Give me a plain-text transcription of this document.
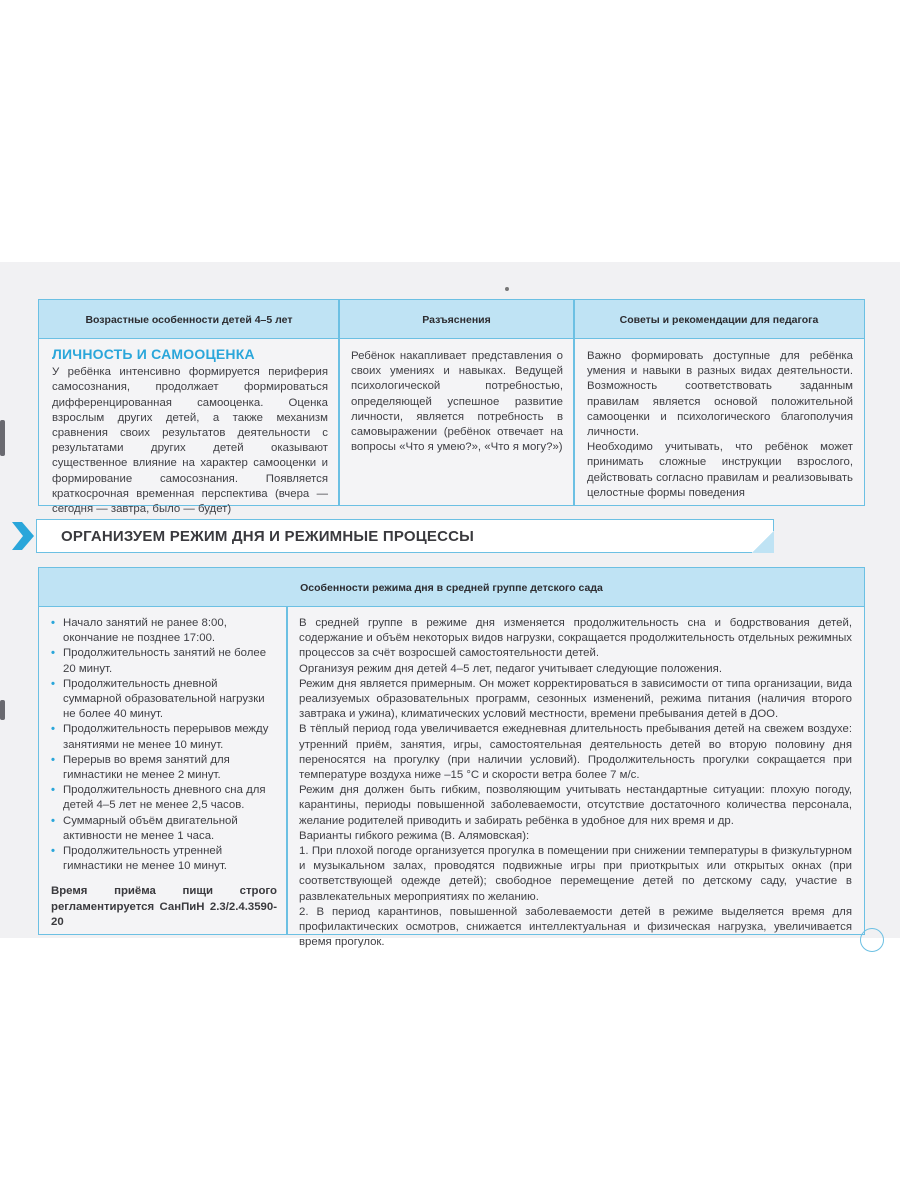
Возрастные особенности детей 4–5 лет	Разъяснения	Советы и рекомендации для педагога
ЛИЧНОСТЬ И САМООЦЕНКА
У ребёнка интенсивно формируется периферия самосознания, продолжает формироваться дифференцированная самооценка. Оценка взрослым других детей, а также механизм сравнения своих результатов деятельности с результатами других детей оказывают существенное влияние на характер самооценки и формирование самосознания. Появляется краткосрочная временная перспектива (вчера — сегодня — завтра, было — будет)
Ребёнок накапливает представления о своих умениях и навыках. Ведущей психологической потребностью, определяющей успешное развитие личности, является потребность в самовыражении (ребёнок отвечает на вопросы «Что я умею?», «Что я могу?»)
Важно формировать доступные для ребёнка умения и навыки в разных видах деятельности. Возможность соответствовать заданным правилам является основой положительной самооценки и психологического благополучия личности.
Необходимо учитывать, что ребёнок может принимать сложные инструкции взрослого, действовать согласно правилам и реализовывать целостные формы поведения
ОРГАНИЗУЕМ РЕЖИМ ДНЯ И РЕЖИМНЫЕ ПРОЦЕССЫ
Особенности режима дня в средней группе детского сада
• Начало занятий не ранее 8:00, окончание не позднее 17:00.
• Продолжительность занятий не более 20 минут.
• Продолжительность дневной суммарной образовательной нагрузки не более 40 минут.
• Продолжительность перерывов между занятиями не менее 10 минут.
• Перерыв во время занятий для гимнастики не менее 2 минут.
• Продолжительность дневного сна для детей 4–5 лет не менее 2,5 часов.
• Суммарный объём двигательной активности не менее 1 часа.
• Продолжительность утренней гимнастики не менее 10 минут.
Время приёма пищи строго регламентируется СанПиН 2.3/2.4.3590-20

В средней группе в режиме дня изменяется продолжительность сна и бодрствования детей, содержание и объём некоторых видов нагрузки, сокращается продолжительность отдельных режимных процессов за счёт возросшей самостоятельности детей.

Организуя режим дня детей 4–5 лет, педагог учитывает следующие положения.

Режим дня является примерным. Он может корректироваться в зависимости от типа организации, вида реализуемых образовательных программ, сезонных изменений, режима питания (наличия второго завтрака и ужина), климатических условий местности, времени пребывания детей в ДОО.

В тёплый период года увеличивается ежедневная длительность пребывания детей на свежем воздухе: утренний приём, занятия, игры, самостоятельная деятельность детей во вторую половину дня переносятся на прогулку (при наличии условий). Продолжительность прогулки сокращается при температуре воздуха ниже –15 °С и скорости ветра более 7 м/с.

Режим дня должен быть гибким, позволяющим учитывать нестандартные ситуации: плохую погоду, карантины, периоды повышенной заболеваемости, отсутствие достаточного количества персонала, желание родителей приводить и забирать ребёнка в удобное для них время и др.

Варианты гибкого режима (В. Алямовская):

1. При плохой погоде организуется прогулка в помещении при снижении температуры в физкультурном и музыкальном залах, проводятся подвижные игры при приоткрытых или открытых окнах (при соответствующей одежде детей); свободное перемещение детей по детскому саду, участие в развлекательных мероприятиях по желанию.

2. В период карантинов, повышенной заболеваемости детей в режиме выделяется время для профилактических осмотров, снижается интеллектуальная и физическая нагрузка, увеличивается время прогулок.
